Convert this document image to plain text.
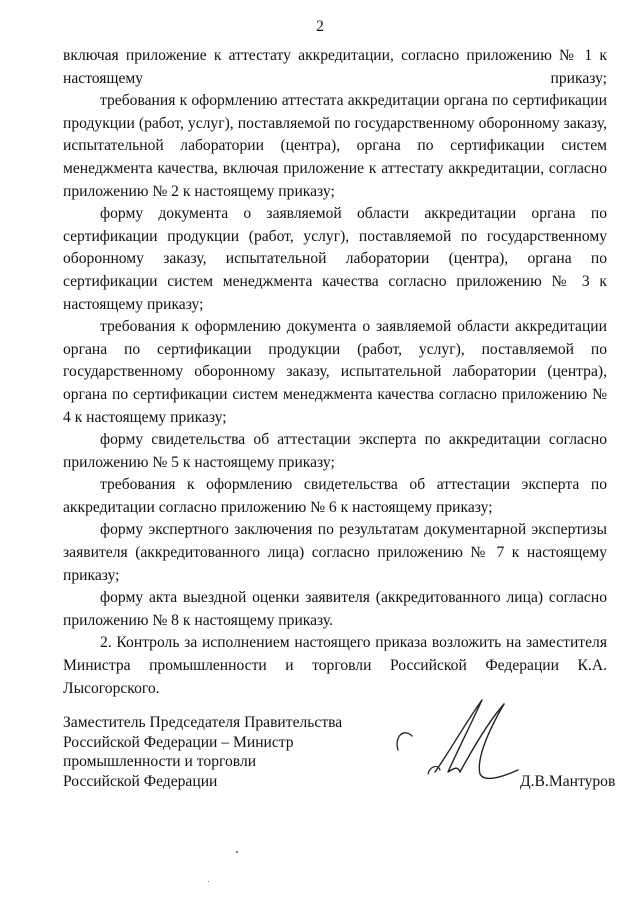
2

включая приложение к аттестату аккредитации, согласно приложению № 1 к настоящему приказу;

требования к оформлению аттестата аккредитации органа по сертификации продукции (работ, услуг), поставляемой по государственному оборонному заказу, испытательной лаборатории (центра), органа по сертификации систем менеджмента качества, включая приложение к аттестату аккредитации, согласно приложению № 2 к настоящему приказу;

форму документа о заявляемой области аккредитации органа по сертификации продукции (работ, услуг), поставляемой по государственному оборонному заказу, испытательной лаборатории (центра), органа по сертификации систем менеджмента качества согласно приложению № 3 к настоящему приказу;

требования к оформлению документа о заявляемой области аккредитации органа по сертификации продукции (работ, услуг), поставляемой по государственному оборонному заказу, испытательной лаборатории (центра), органа по сертификации систем менеджмента качества согласно приложению № 4 к настоящему приказу;

форму свидетельства об аттестации эксперта по аккредитации согласно приложению № 5 к настоящему приказу;

требования к оформлению свидетельства об аттестации эксперта по аккредитации согласно приложению № 6 к настоящему приказу;

форму экспертного заключения по результатам документарной экспертизы заявителя (аккредитованного лица) согласно приложению № 7 к настоящему приказу;

форму акта выездной оценки заявителя (аккредитованного лица) согласно приложению № 8 к настоящему приказу.

2. Контроль за исполнением настоящего приказа возложить на заместителя Министра промышленности и торговли Российской Федерации К.А. Лысогорского.

Заместитель Председателя Правительства
Российской Федерации – Министр
промышленности и торговли
Российской Федерации	Д.В.Мантуров
